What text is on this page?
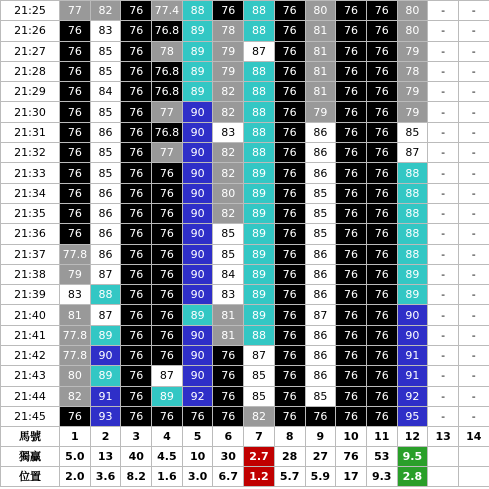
21:25	77	82	76	77.4	88	76	88	76	80	76	76	80	-	-
21:26	76	83	76	76.8	89	78	88	76	81	76	76	80	-	-
21:27	76	85	76	78	89	79	87	76	81	76	76	79	-	-
21:28	76	85	76	76.8	89	79	88	76	81	76	76	78	-	-
21:29	76	84	76	76.8	89	82	88	76	81	76	76	79	-	-
21:30	76	85	76	77	90	82	88	76	79	76	76	79	-	-
21:31	76	86	76	76.8	90	83	88	76	86	76	76	85	-	-
21:32	76	85	76	77	90	82	88	76	86	76	76	87	-	-
21:33	76	85	76	76	90	82	89	76	86	76	76	88	-	-
21:34	76	86	76	76	90	80	89	76	85	76	76	88	-	-
21:35	76	86	76	76	90	82	89	76	85	76	76	88	-	-
21:36	76	86	76	76	90	85	89	76	85	76	76	88	-	-
21:37	77.8	86	76	76	90	85	89	76	86	76	76	88	-	-
21:38	79	87	76	76	90	84	89	76	86	76	76	89	-	-
21:39	83	88	76	76	90	83	89	76	86	76	76	89	-	-
21:40	81	87	76	76	89	81	89	76	87	76	76	90	-	-
21:41	77.8	89	76	76	90	81	88	76	86	76	76	90	-	-
21:42	77.8	90	76	76	90	76	87	76	86	76	76	91	-	-
21:43	80	89	76	87	90	76	85	76	86	76	76	91	-	-
21:44	82	91	76	89	92	76	85	76	85	76	76	92	-	-
21:45	76	93	76	76	76	76	82	76	76	76	76	95	-	-
馬號	1	2	3	4	5	6	7	8	9	10	11	12	13	14
獨贏	5.0	13	40	4.5	10	30	2.7	28	27	76	53	9.5		
位置	2.0	3.6	8.2	1.6	3.0	6.7	1.2	5.7	5.9	17	9.3	2.8		
